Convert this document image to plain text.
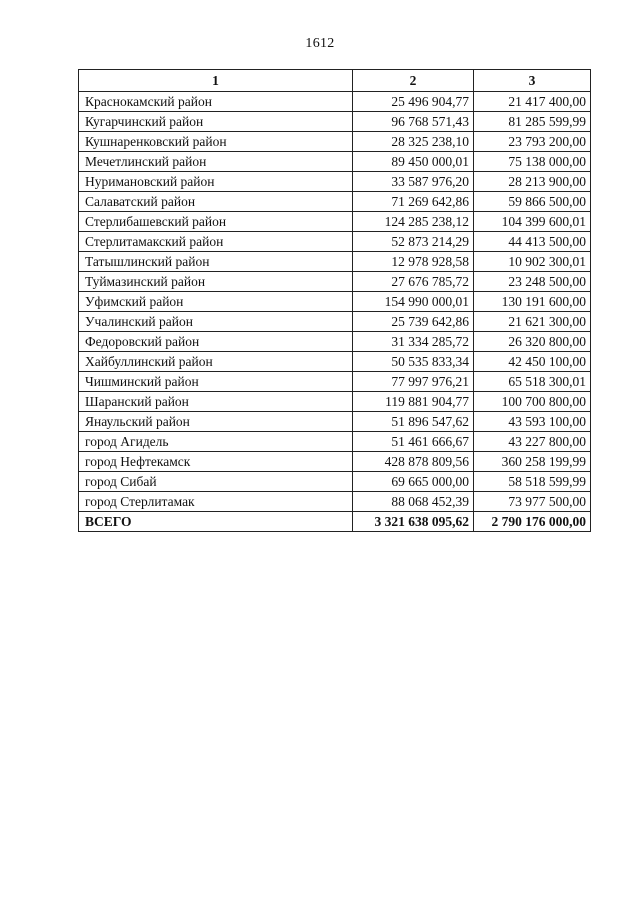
1612
1	2	3
Краснокамский район	25 496 904,77	21 417 400,00
Кугарчинский район	96 768 571,43	81 285 599,99
Кушнаренковский район	28 325 238,10	23 793 200,00
Мечетлинский район	89 450 000,01	75 138 000,00
Нуримановский район	33 587 976,20	28 213 900,00
Салаватский район	71 269 642,86	59 866 500,00
Стерлибашевский район	124 285 238,12	104 399 600,01
Стерлитамакский район	52 873 214,29	44 413 500,00
Татышлинский район	12 978 928,58	10 902 300,01
Туймазинский район	27 676 785,72	23 248 500,00
Уфимский район	154 990 000,01	130 191 600,00
Учалинский район	25 739 642,86	21 621 300,00
Федоровский район	31 334 285,72	26 320 800,00
Хайбуллинский район	50 535 833,34	42 450 100,00
Чишминский район	77 997 976,21	65 518 300,01
Шаранский район	119 881 904,77	100 700 800,00
Янаульский район	51 896 547,62	43 593 100,00
город Агидель	51 461 666,67	43 227 800,00
город Нефтекамск	428 878 809,56	360 258 199,99
город Сибай	69 665 000,00	58 518 599,99
город Стерлитамак	88 068 452,39	73 977 500,00
ВСЕГО	3 321 638 095,62	2 790 176 000,00
